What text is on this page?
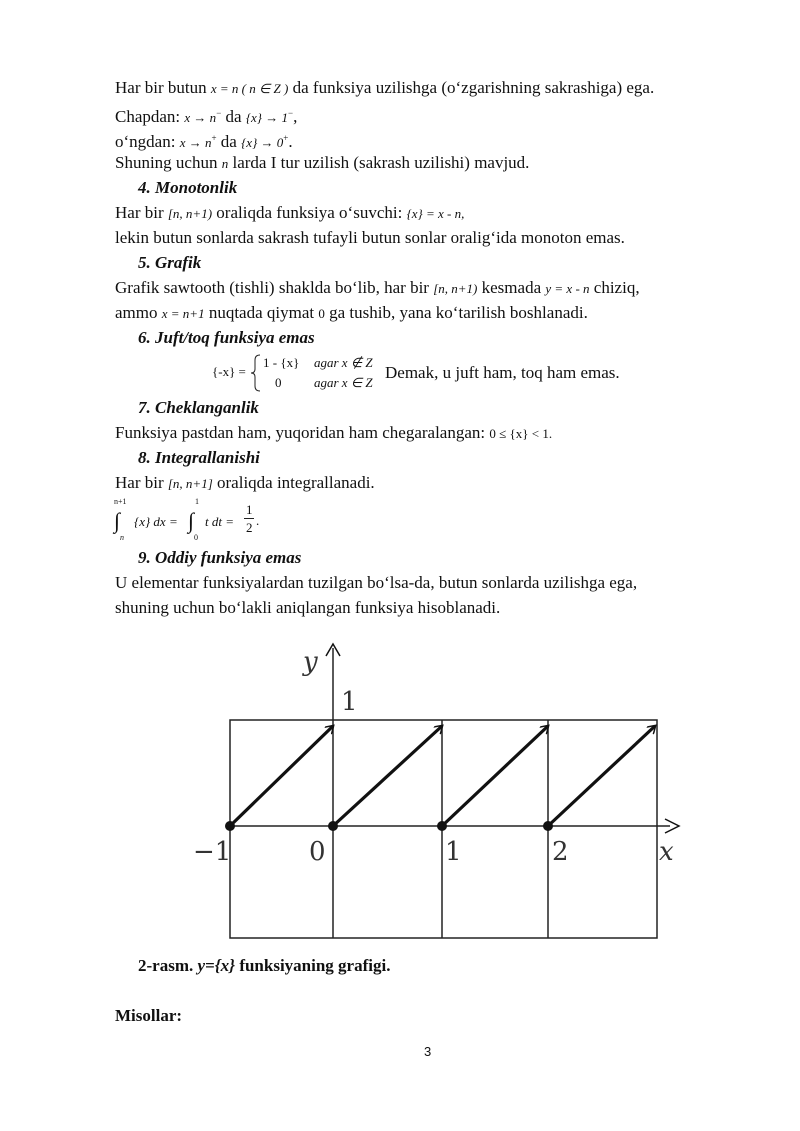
Har bir butun x = n ( n ∈ Z ) da funksiya uzilishga (o‘zgarishning sakrashiga) ega.
Chapdan: x → n− da {x} → 1−,
o‘ngdan: x → n+ da {x} → 0+.
Shuning uchun n larda I tur uzilish (sakrash uzilishi) mavjud.
4. Monotonlik
Har bir [n, n+1) oraliqda funksiya o‘suvchi: {x} = x - n,
lekin butun sonlarda sakrash tufayli butun sonlar oralig‘ida monoton emas.
5. Grafik
Grafik sawtooth (tishli) shaklda bo‘lib, har bir [n, n+1) kesmada y = x - n chiziq,
ammo x = n+1 nuqtada qiymat 0 ga tushib, yana ko‘tarilish boshlanadi.
6. Juft/toq funksiya emas
{-x} =
1 - {x} agar x ∉ Z
0	agar x ∈ Z
Demak, u juft ham, toq ham emas.
7. Cheklanganlik
Funksiya pastdan ham, yuqoridan ham chegaralangan: 0 ≤ {x} < 1.
8. Integrallanishi
Har bir [n, n+1] oraliqda integrallanadi.
n+1
∫
n
{x} dx =
1
∫
0
t dt =
1
2 .
9. Oddiy funksiya emas
U elementar funksiyalardan tuzilgan bo‘lsa-da, butun sonlarda uzilishga ega,
shuning uchun bo‘lakli aniqlangan funksiya hisoblanadi.
y
1
x
−1	0	1	2
2-rasm. y={x} funksiyaning grafigi.
Misollar:
3
